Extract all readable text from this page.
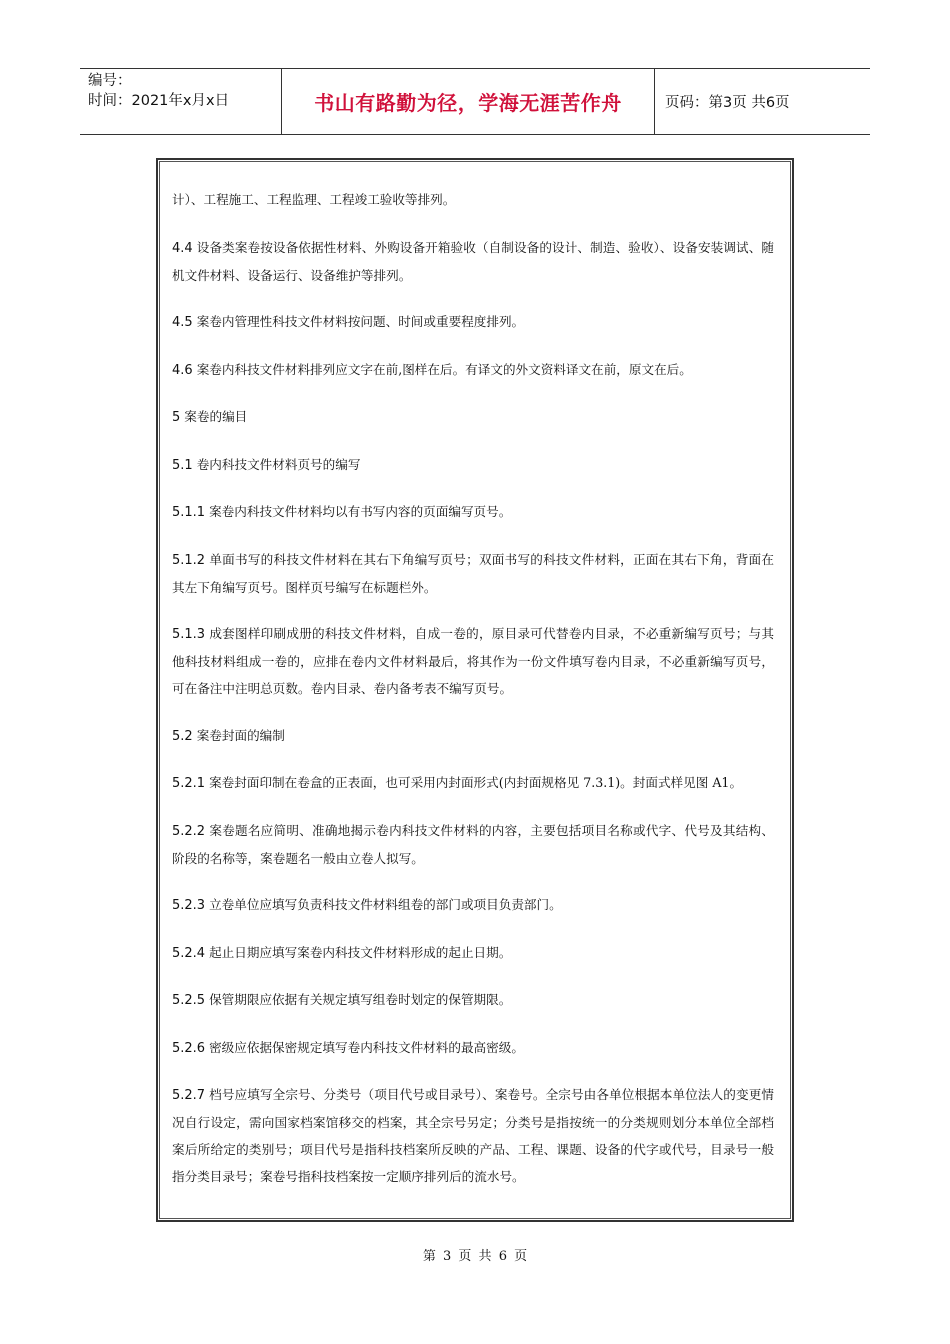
编号：
时间：2021年x月x日	书山有路勤为径，学海无涯苦作舟	页码：第3页 共6页

计）、工程施工、工程监理、工程竣工验收等排列。

4.4 设备类案卷按设备依据性材料、外购设备开箱验收（自制设备的设计、制造、验收）、设备安装调试、随机文件材料、设备运行、设备维护等排列。

4.5 案卷内管理性科技文件材料按问题、时间或重要程度排列。

4.6 案卷内科技文件材料排列应文字在前,图样在后。有译文的外文资料译文在前，原文在后。

5 案卷的编目

5.1 卷内科技文件材料页号的编写

5.1.1 案卷内科技文件材料均以有书写内容的页面编写页号。

5.1.2 单面书写的科技文件材料在其右下角编写页号；双面书写的科技文件材料，正面在其右下角，背面在其左下角编写页号。图样页号编写在标题栏外。

5.1.3 成套图样印刷成册的科技文件材料，自成一卷的，原目录可代替卷内目录，不必重新编写页号；与其他科技材料组成一卷的，应排在卷内文件材料最后，将其作为一份文件填写卷内目录，不必重新编写页号，可在备注中注明总页数。卷内目录、卷内备考表不编写页号。

5.2 案卷封面的编制

5.2.1 案卷封面印制在卷盒的正表面，也可采用内封面形式(内封面规格见 7.3.1)。封面式样见图 A1。

5.2.2 案卷题名应简明、准确地揭示卷内科技文件材料的内容，主要包括项目名称或代字、代号及其结构、阶段的名称等，案卷题名一般由立卷人拟写。

5.2.3 立卷单位应填写负责科技文件材料组卷的部门或项目负责部门。

5.2.4 起止日期应填写案卷内科技文件材料形成的起止日期。

5.2.5 保管期限应依据有关规定填写组卷时划定的保管期限。

5.2.6 密级应依据保密规定填写卷内科技文件材料的最高密级。

5.2.7 档号应填写全宗号、分类号（项目代号或目录号）、案卷号。全宗号由各单位根据本单位法人的变更情况自行设定，需向国家档案馆移交的档案，其全宗号另定；分类号是指按统一的分类规则划分本单位全部档案后所给定的类别号；项目代号是指科技档案所反映的产品、工程、课题、设备的代字或代号，目录号一般指分类目录号；案卷号指科技档案按一定顺序排列后的流水号。

第 3 页 共 6 页
